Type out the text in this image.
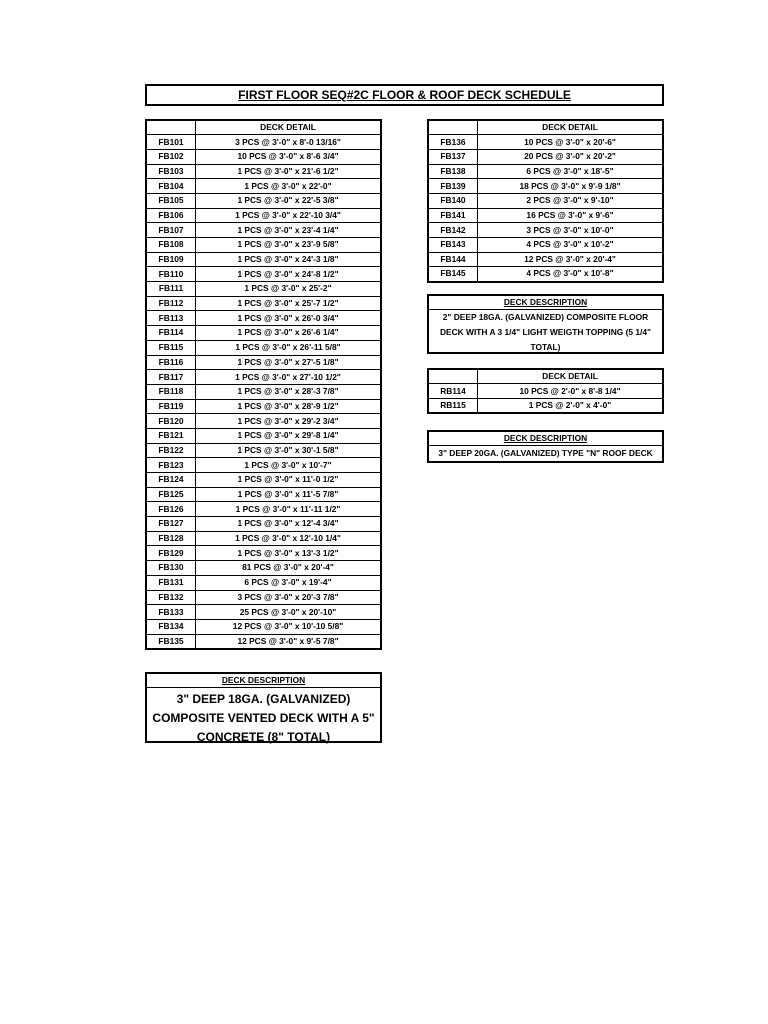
FIRST FLOOR SEQ#2C FLOOR & ROOF DECK SCHEDULE
	DECK DETAIL
FB101	3 PCS @ 3'-0" x 8'-0 13/16"
FB102	10 PCS @ 3'-0" x 8'-6 3/4"
FB103	1 PCS @ 3'-0" x 21'-6 1/2"
FB104	1 PCS @ 3'-0" x 22'-0"
FB105	1 PCS @ 3'-0" x 22'-5 3/8"
FB106	1 PCS @ 3'-0" x 22'-10 3/4"
FB107	1 PCS @ 3'-0" x 23'-4 1/4"
FB108	1 PCS @ 3'-0" x 23'-9 5/8"
FB109	1 PCS @ 3'-0" x 24'-3 1/8"
FB110	1 PCS @ 3'-0" x 24'-8 1/2"
FB111	1 PCS @ 3'-0" x 25'-2"
FB112	1 PCS @ 3'-0" x 25'-7 1/2"
FB113	1 PCS @ 3'-0" x 26'-0 3/4"
FB114	1 PCS @ 3'-0" x 26'-6 1/4"
FB115	1 PCS @ 3'-0" x 26'-11 5/8"
FB116	1 PCS @ 3'-0" x 27'-5 1/8"
FB117	1 PCS @ 3'-0" x 27'-10 1/2"
FB118	1 PCS @ 3'-0" x 28'-3 7/8"
FB119	1 PCS @ 3'-0" x 28'-9 1/2"
FB120	1 PCS @ 3'-0" x 29'-2 3/4"
FB121	1 PCS @ 3'-0" x 29'-8 1/4"
FB122	1 PCS @ 3'-0" x 30'-1 5/8"
FB123	1 PCS @ 3'-0" x 10'-7"
FB124	1 PCS @ 3'-0" x 11'-0 1/2"
FB125	1 PCS @ 3'-0" x 11'-5 7/8"
FB126	1 PCS @ 3'-0" x 11'-11 1/2"
FB127	1 PCS @ 3'-0" x 12'-4 3/4"
FB128	1 PCS @ 3'-0" x 12'-10 1/4"
FB129	1 PCS @ 3'-0" x 13'-3 1/2"
FB130	81 PCS @ 3'-0" x 20'-4"
FB131	6 PCS @ 3'-0" x 19'-4"
FB132	3 PCS @ 3'-0" x 20'-3 7/8"
FB133	25 PCS @ 3'-0" x 20'-10"
FB134	12 PCS @ 3'-0" x 10'-10 5/8"
FB135	12 PCS @ 3'-0" x 9'-5 7/8"
	DECK DETAIL
FB136	10 PCS @ 3'-0" x 20'-6"
FB137	20 PCS @ 3'-0" x 20'-2"
FB138	6 PCS @ 3'-0" x 18'-5"
FB139	18 PCS @ 3'-0" x 9'-9 1/8"
FB140	2 PCS @ 3'-0" x 9'-10"
FB141	16 PCS @ 3'-0" x 9'-6"
FB142	3 PCS @ 3'-0" x 10'-0"
FB143	4 PCS @ 3'-0" x 10'-2"
FB144	12 PCS @ 3'-0" x 20'-4"
FB145	4 PCS @ 3'-0" x 10'-8"
DECK DESCRIPTION
2" DEEP 18GA. (GALVANIZED) COMPOSITE FLOOR
DECK WITH A 3 1/4" LIGHT WEIGTH TOPPING (5 1/4"
TOTAL)
	DECK DETAIL
RB114	10 PCS @ 2'-0" x 8'-8 1/4"
RB115	1 PCS @ 2'-0" x 4'-0"
DECK DESCRIPTION
3" DEEP 20GA. (GALVANIZED) TYPE "N" ROOF DECK
DECK DESCRIPTION
3" DEEP 18GA. (GALVANIZED)
COMPOSITE VENTED DECK WITH A 5"
CONCRETE (8" TOTAL)
